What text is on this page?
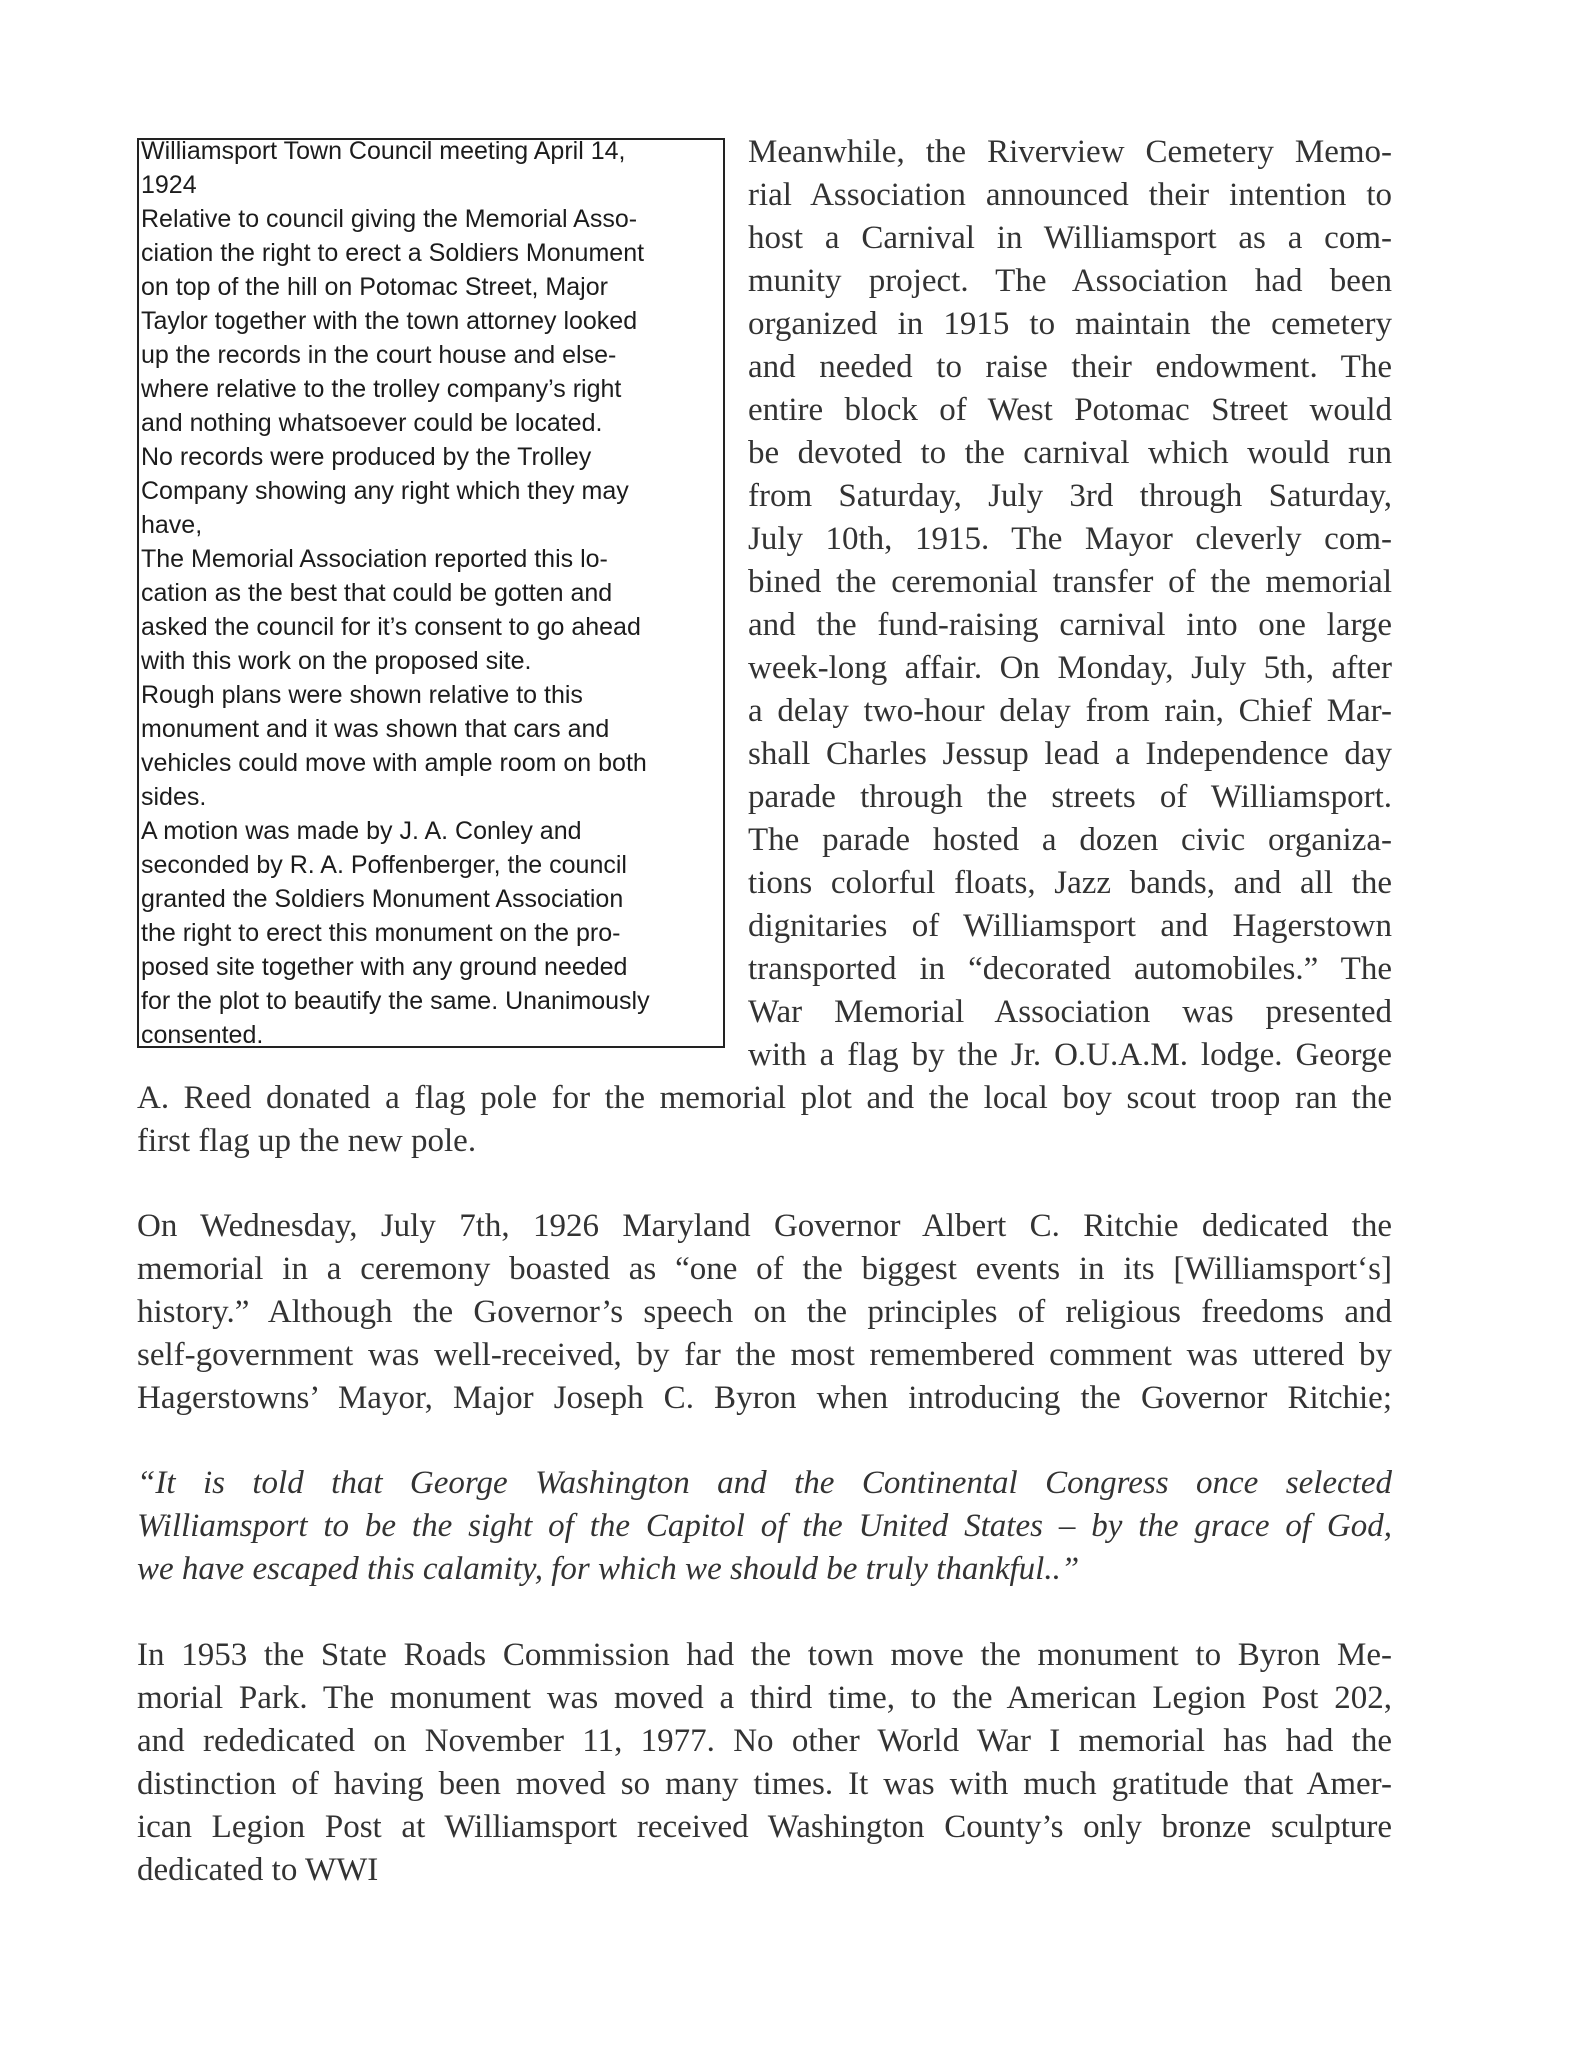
Williamsport Town Council meeting April 14,
1924
Relative to council giving the Memorial Asso-
ciation the right to erect a Soldiers Monument
on top of the hill on Potomac Street, Major
Taylor together with the town attorney looked
up the records in the court house and else-
where relative to the trolley company’s right
and nothing whatsoever could be located.
No records were produced by the Trolley
Company showing any right which they may
have,
The Memorial Association reported this lo-
cation as the best that could be gotten and
asked the council for it’s consent to go ahead
with this work on the proposed site.
Rough plans were shown relative to this
monument and it was shown that cars and
vehicles could move with ample room on both
sides.
A motion was made by J. A. Conley and
seconded by R. A. Poffenberger, the council
granted the Soldiers Monument Association
the right to erect this monument on the pro-
posed site together with any ground needed
for the plot to beautify the same. Unanimously
consented.
Meanwhile, the Riverview Cemetery Memo-
rial Association announced their intention to
host a Carnival in Williamsport as a com-
munity project. The Association had been
organized in 1915 to maintain the cemetery
and needed to raise their endowment. The
entire block of West Potomac Street would
be devoted to the carnival which would run
from Saturday, July 3rd through Saturday,
July 10th, 1915. The Mayor cleverly com-
bined the ceremonial transfer of the memorial
and the fund-raising carnival into one large
week-long affair. On Monday, July 5th, after
a delay two-hour delay from rain, Chief Mar-
shall Charles Jessup lead a Independence day
parade through the streets of Williamsport.
The parade hosted a dozen civic organiza-
tions colorful floats, Jazz bands, and all the
dignitaries of Williamsport and Hagerstown
transported in “decorated automobiles.” The
War Memorial Association was presented
with a flag by the Jr. O.U.A.M. lodge. George
A. Reed donated a flag pole for the memorial plot and the local boy scout troop ran the
first flag up the new pole.
On Wednesday, July 7th, 1926 Maryland Governor Albert C. Ritchie dedicated the
memorial in a ceremony boasted as “one of the biggest events in its [Williamsport‘s]
history.” Although the Governor’s speech on the principles of religious freedoms and
self-government was well-received, by far the most remembered comment was uttered by
Hagerstowns’ Mayor, Major Joseph C. Byron when introducing the Governor Ritchie;
“It is told that George Washington and the Continental Congress once selected
Williamsport to be the sight of the Capitol of the United States – by the grace of God,
we have escaped this calamity, for which we should be truly thankful..”
In 1953 the State Roads Commission had the town move the monument to Byron Me-
morial Park. The monument was moved a third time, to the American Legion Post 202,
and rededicated on November 11, 1977. No other World War I memorial has had the
distinction of having been moved so many times. It was with much gratitude that Amer-
ican Legion Post at Williamsport received Washington County’s only bronze sculpture
dedicated to WWI
